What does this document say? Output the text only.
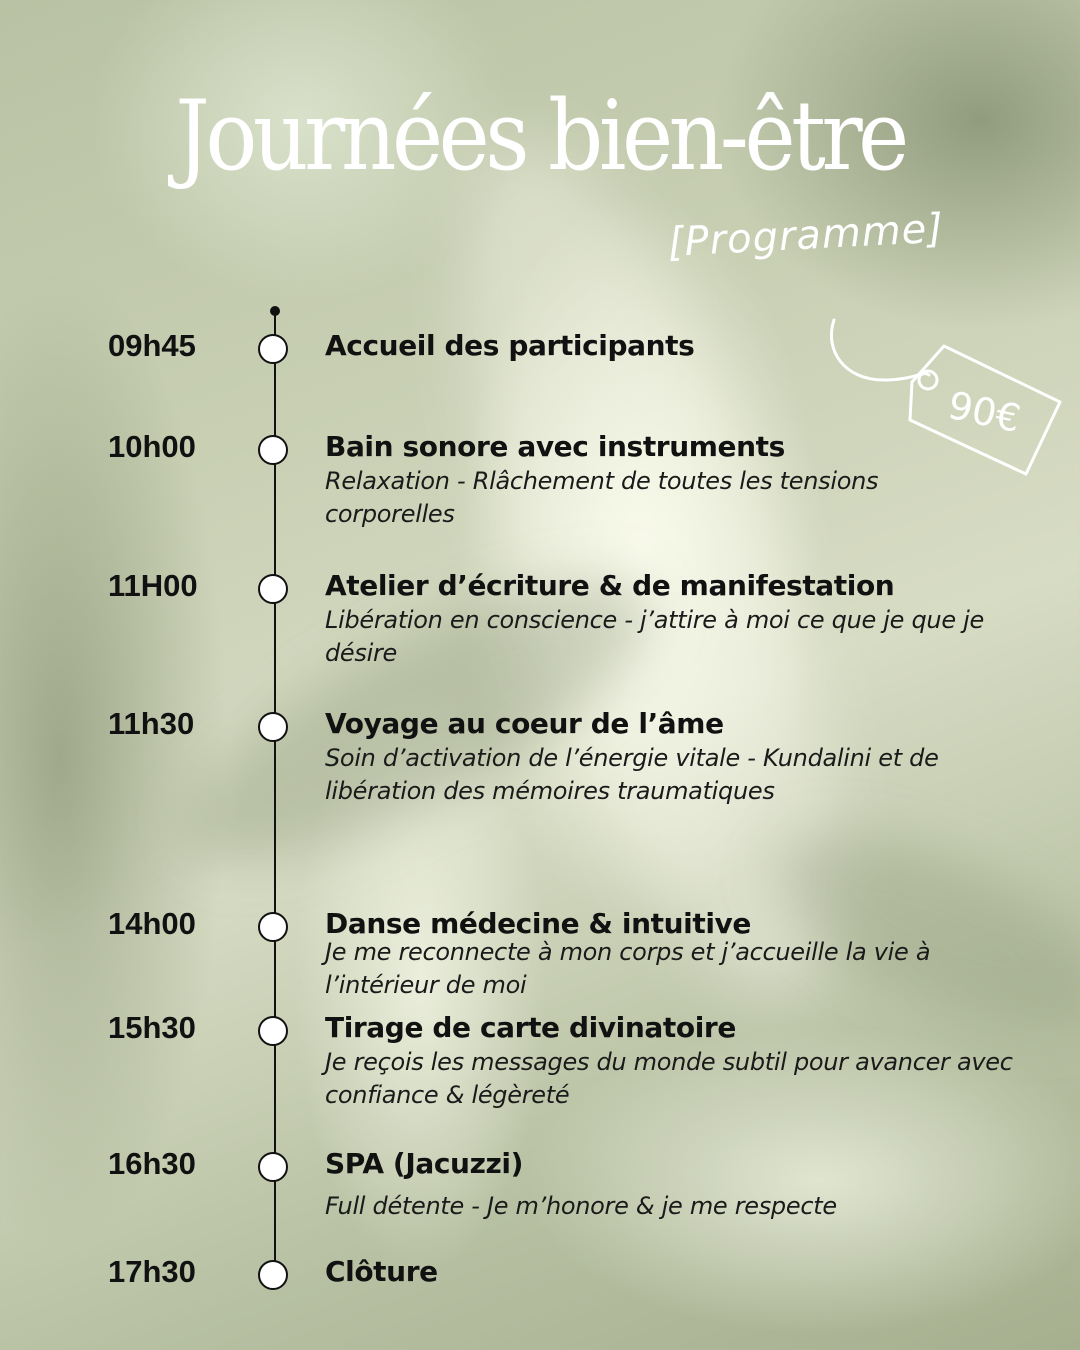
Journées bien-être
[Programme]
90€
09h45	Accueil des participants
10h00	Bain sonore avec instruments
Relaxation - Rlâchement de toutes les tensions corporelles
11H00	Atelier d’écriture & de manifestation
Libération en conscience - j’attire à moi ce que je que je désire
11h30	Voyage au coeur de l’âme
Soin d’activation de l’énergie vitale - Kundalini et de libération des mémoires traumatiques
14h00	Danse médecine & intuitive
Je me reconnecte à mon corps et j’accueille la vie à l’intérieur de moi
15h30	Tirage de carte divinatoire
Je reçois les messages du monde subtil pour avancer avec confiance & légèreté
16h30	SPA (Jacuzzi)
Full détente - Je m’honore & je me respecte
17h30	Clôture
